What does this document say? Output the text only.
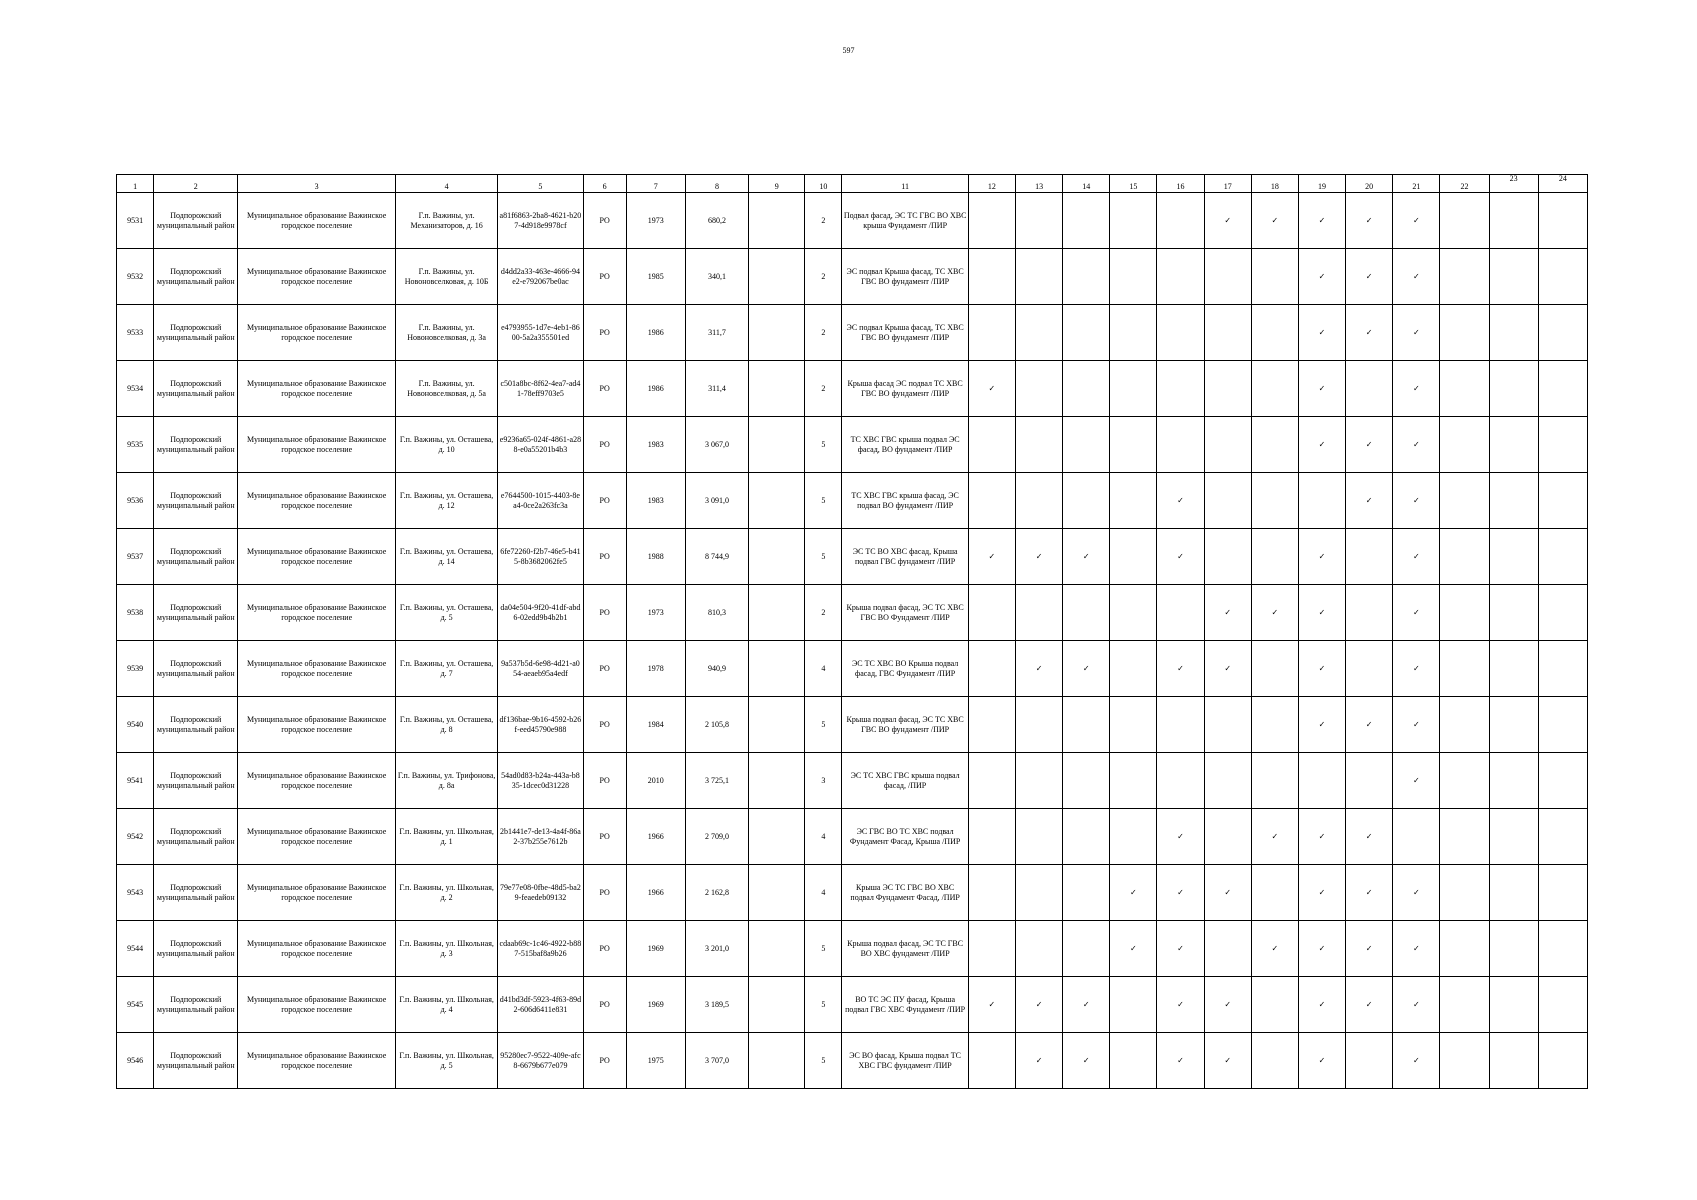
597
1	2	3	4	5	6	7	8	9	10	11	12	13	14	15	16	17	18	19	20	21	22	23	24
9531	Подпорожский муниципальный район	Муниципальное образование Важинское городское поселение	Г.п. Важины, ул. Механизаторов, д. 16	a81f6863-2ba8-4621-b207-4d918e9978cf	РО	1973	680,2		2	Подвал фасад, ЭС ТС ГВС ВО ХВС крыша Фундамент /ПИР						✓	✓	✓	✓	✓			
9532	Подпорожский муниципальный район	Муниципальное образование Важинское городское поселение	Г.п. Важины, ул. Новоновселковая, д. 10Б	d4dd2a33-463e-4666-94e2-e792067be0ac	РО	1985	340,1		2	ЭС подвал Крыша фасад, ТС ХВС ГВС ВО фундамент /ПИР								✓	✓	✓			
9533	Подпорожский муниципальный район	Муниципальное образование Важинское городское поселение	Г.п. Важины, ул. Новоновселковая, д. 3а	e4793955-1d7e-4eb1-8600-5a2a355501ed	РО	1986	311,7		2	ЭС подвал Крыша фасад, ТС ХВС ГВС ВО фундамент /ПИР								✓	✓	✓			
9534	Подпорожский муниципальный район	Муниципальное образование Важинское городское поселение	Г.п. Важины, ул. Новоновселковая, д. 5а	c501a8bc-8f62-4ea7-ad41-78eff9703e5	РО	1986	311,4		2	Крыша фасад ЭС подвал ТС ХВС ГВС ВО фундамент /ПИР	✓							✓		✓			
9535	Подпорожский муниципальный район	Муниципальное образование Важинское городское поселение	Г.п. Важины, ул. Осташева, д. 10	e9236a65-024f-4861-a288-e0a55201b4b3	РО	1983	3 067,0		5	ТС ХВС ГВС крыша подвал ЭС фасад, ВО фундамент /ПИР								✓	✓	✓			
9536	Подпорожский муниципальный район	Муниципальное образование Важинское городское поселение	Г.п. Важины, ул. Осташева, д. 12	e7644500-1015-4403-8ea4-0ce2a263fc3a	РО	1983	3 091,0		5	ТС ХВС ГВС крыша фасад, ЭС подвал ВО фундамент /ПИР					✓				✓	✓			
9537	Подпорожский муниципальный район	Муниципальное образование Важинское городское поселение	Г.п. Важины, ул. Осташева, д. 14	6fe72260-f2b7-46e5-b415-8b3682062fe5	РО	1988	8 744,9		5	ЭС ТС ВО ХВС фасад, Крыша подвал ГВС фундамент /ПИР	✓	✓	✓		✓			✓		✓			
9538	Подпорожский муниципальный район	Муниципальное образование Важинское городское поселение	Г.п. Важины, ул. Осташева, д. 5	da04e504-9f20-41df-abd6-02edd9b4b2b1	РО	1973	810,3		2	Крыша подвал фасад, ЭС ТС ХВС ГВС ВО Фундамент /ПИР						✓	✓	✓		✓			
9539	Подпорожский муниципальный район	Муниципальное образование Важинское городское поселение	Г.п. Важины, ул. Осташева, д. 7	9a537b5d-6e98-4d21-a054-aeaeb95a4edf	РО	1978	940,9		4	ЭС ТС ХВС ВО Крыша подвал фасад, ГВС Фундамент /ПИР		✓	✓		✓	✓		✓		✓			
9540	Подпорожский муниципальный район	Муниципальное образование Важинское городское поселение	Г.п. Важины, ул. Осташева, д. 8	df136bae-9b16-4592-b26f-eed45790e988	РО	1984	2 105,8		5	Крыша подвал фасад, ЭС ТС ХВС ГВС ВО фундамент /ПИР								✓	✓	✓			
9541	Подпорожский муниципальный район	Муниципальное образование Важинское городское поселение	Г.п. Важины, ул. Трифонова, д. 8а	54ad0d83-b24a-443a-b835-1dcec0d31228	РО	2010	3 725,1		3	ЭС ТС ХВС ГВС крыша подвал фасад, /ПИР										✓			
9542	Подпорожский муниципальный район	Муниципальное образование Важинское городское поселение	Г.п. Важины, ул. Школьная, д. 1	2b1441e7-de13-4a4f-86a2-37b255e7612b	РО	1966	2 709,0		4	ЭС ГВС ВО ТС ХВС подвал Фундамент Фасад, Крыша /ПИР					✓		✓	✓	✓				
9543	Подпорожский муниципальный район	Муниципальное образование Важинское городское поселение	Г.п. Важины, ул. Школьная, д. 2	79e77e08-0fbe-48d5-ba29-feaedeb09132	РО	1966	2 162,8		4	Крыша ЭС ТС ГВС ВО ХВС подвал Фундамент Фасад, /ПИР				✓	✓	✓		✓	✓	✓			
9544	Подпорожский муниципальный район	Муниципальное образование Важинское городское поселение	Г.п. Важины, ул. Школьная, д. 3	cdaab69c-1c46-4922-b887-515baf8a9b26	РО	1969	3 201,0		5	Крыша подвал фасад, ЭС ТС ГВС ВО ХВС фундамент /ПИР				✓	✓		✓	✓	✓	✓			
9545	Подпорожский муниципальный район	Муниципальное образование Важинское городское поселение	Г.п. Важины, ул. Школьная, д. 4	d41bd3df-5923-4f63-89d2-606d6411e831	РО	1969	3 189,5		5	ВО ТС ЭС ПУ фасад, Крыша подвал ГВС ХВС Фундамент /ПИР	✓	✓	✓		✓	✓		✓	✓	✓			
9546	Подпорожский муниципальный район	Муниципальное образование Важинское городское поселение	Г.п. Важины, ул. Школьная, д. 5	95280ec7-9522-409e-afc8-6679b677e079	РО	1975	3 707,0		5	ЭС ВО фасад, Крыша подвал ТС ХВС ГВС фундамент /ПИР		✓	✓		✓	✓		✓		✓			
